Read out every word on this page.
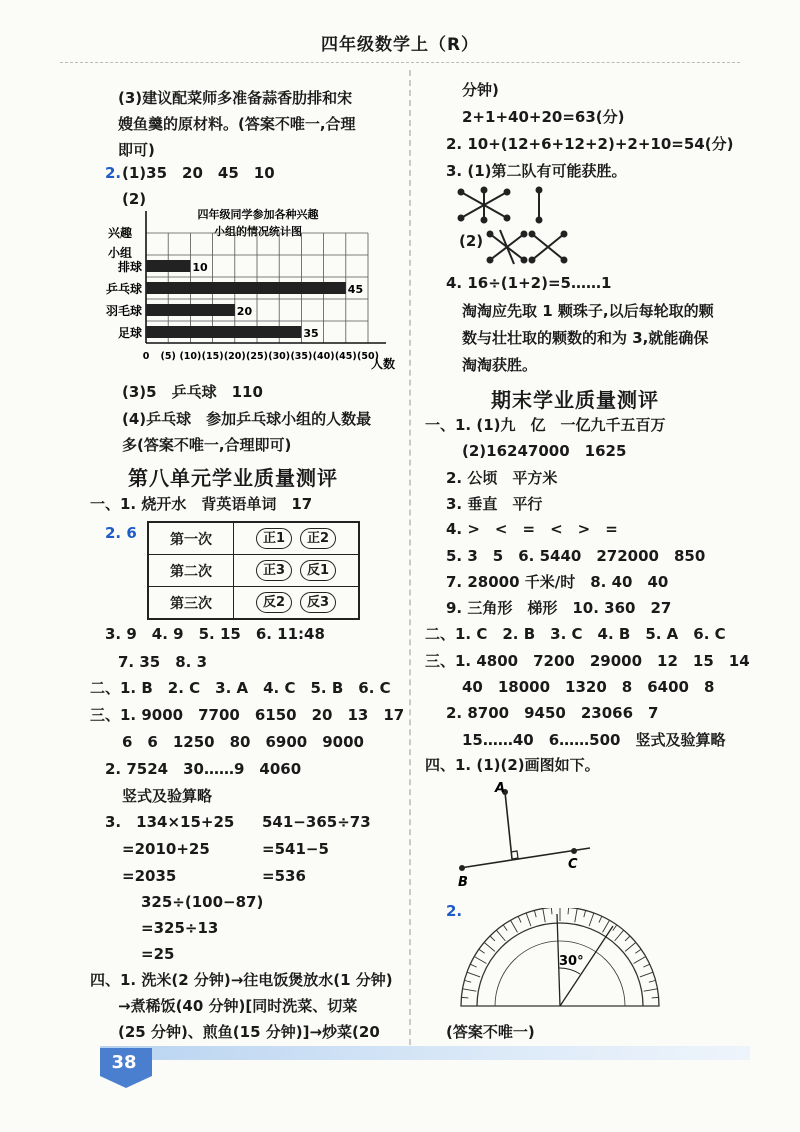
四年级数学上（R）
(3)建议配菜师多准备蒜香肋排和宋
嫂鱼羹的原材料。(答案不唯一,合理
即可)
2. (1)35　20　45　10
(2)
四年级同学参加各种兴趣
小组的情况统计图
兴趣
小组
人数
10
45
20
35
排球
乒乓球
羽毛球
足球
0 (5) (10) (15) (20) (25) (30) (35) (40) (45) (50)
(3)5　乒乓球　110
(4)乒乓球　参加乒乓球小组的人数最
多(答案不唯一,合理即可)
第八单元学业质量测评
一、1. 烧开水　背英语单词　17
2. 6 第一次	正1 正2
第二次	正3 反1
第三次	反2 反3
3. 9　4. 9　5. 15　6. 11:48
7. 35　8. 3
二、1. B　2. C　3. A　4. C　5. B　6. C
三、1. 9000　7700　6150　20　13　17
6　6　1250　80　6900　9000
2. 7524　30……9　4060
竖式及验算略
3.　134×15+25 541−365÷73
=2010+25	=541−5
=2035	=536
325÷(100−87)
=325÷13
=25
四、1. 洗米(2 分钟)→往电饭煲放水(1 分钟)
→煮稀饭(40 分钟)[同时洗菜、切菜
(25 分钟)、煎鱼(15 分钟)]→炒菜(20
分钟)
2+1+40+20=63(分)
2. 10+(12+6+12+2)+2+10=54(分)
3. (1)第二队有可能获胜。
(2)
4. 16÷(1+2)=5……1
淘淘应先取 1 颗珠子,以后每轮取的颗
数与壮壮取的颗数的和为 3,就能确保
淘淘获胜。
期末学业质量测评
一、1. (1)九　亿　一亿九千五百万
(2)16247000　1625
2. 公顷　平方米
3. 垂直　平行
4. >　<　=　<　>　=
5. 3　5　6. 5440　272000　850
7. 28000 千米/时　8. 40　40
9. 三角形　梯形　10. 360　27
二、1. C　2. B　3. C　4. B　5. A　6. C
三、1. 4800　7200　29000　12　15　14
40　18000　1320　8　6400　8
2. 8700　9450　23066　7
15……40　6……500　竖式及验算略
四、1. (1)(2)画图如下。
A
B
C
2.
30°
(答案不唯一)
38
